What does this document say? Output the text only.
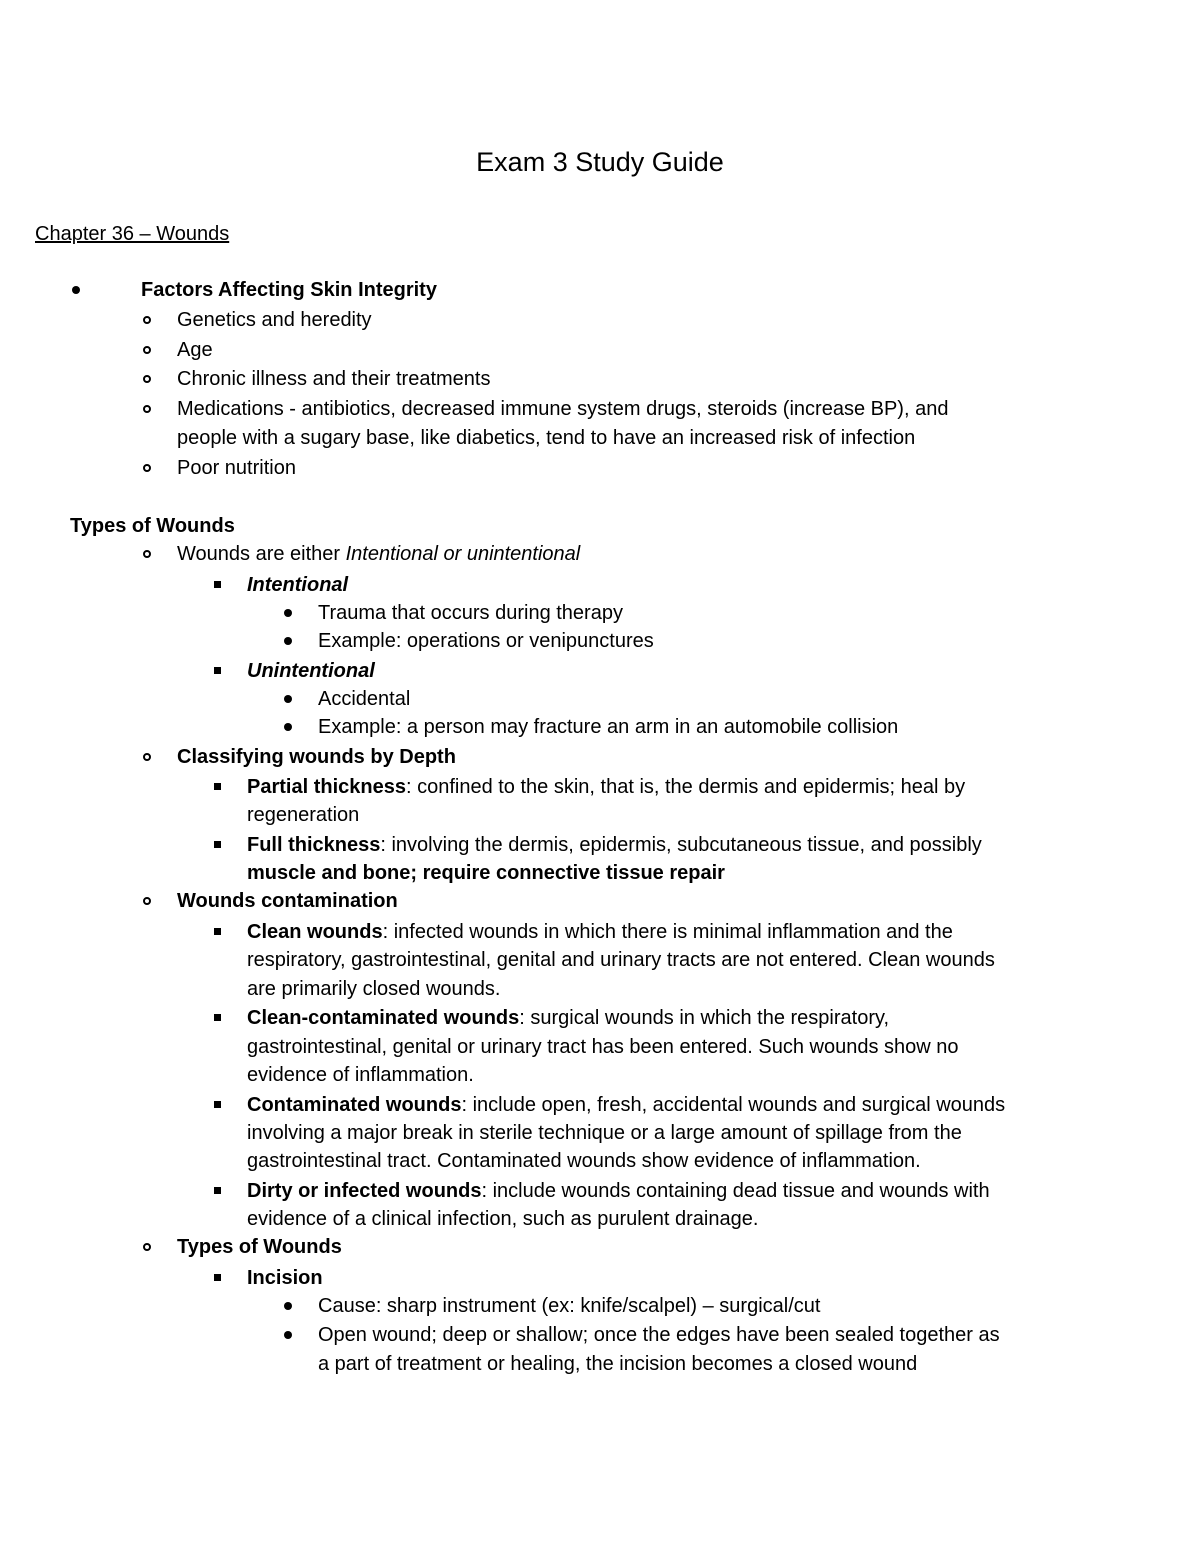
Exam 3 Study Guide
Chapter 36 – Wounds
Factors Affecting Skin Integrity
Genetics and heredity
Age
Chronic illness and their treatments
Medications - antibiotics, decreased immune system drugs, steroids (increase BP), and
people with a sugary base, like diabetics, tend to have an increased risk of infection
Poor nutrition
Types of Wounds
Wounds are either Intentional or unintentional
Intentional
Trauma that occurs during therapy
Example: operations or venipunctures
Unintentional
Accidental
Example: a person may fracture an arm in an automobile collision
Classifying wounds by Depth
Partial thickness: confined to the skin, that is, the dermis and epidermis; heal by
regeneration
Full thickness: involving the dermis, epidermis, subcutaneous tissue, and possibly
muscle and bone; require connective tissue repair
Wounds contamination
Clean wounds: infected wounds in which there is minimal inflammation and the
respiratory, gastrointestinal, genital and urinary tracts are not entered. Clean wounds
are primarily closed wounds.
Clean-contaminated wounds: surgical wounds in which the respiratory,
gastrointestinal, genital or urinary tract has been entered. Such wounds show no
evidence of inflammation.
Contaminated wounds: include open, fresh, accidental wounds and surgical wounds
involving a major break in sterile technique or a large amount of spillage from the
gastrointestinal tract. Contaminated wounds show evidence of inflammation.
Dirty or infected wounds: include wounds containing dead tissue and wounds with
evidence of a clinical infection, such as purulent drainage.
Types of Wounds
Incision
Cause: sharp instrument (ex: knife/scalpel) – surgical/cut
Open wound; deep or shallow; once the edges have been sealed together as
a part of treatment or healing, the incision becomes a closed wound
